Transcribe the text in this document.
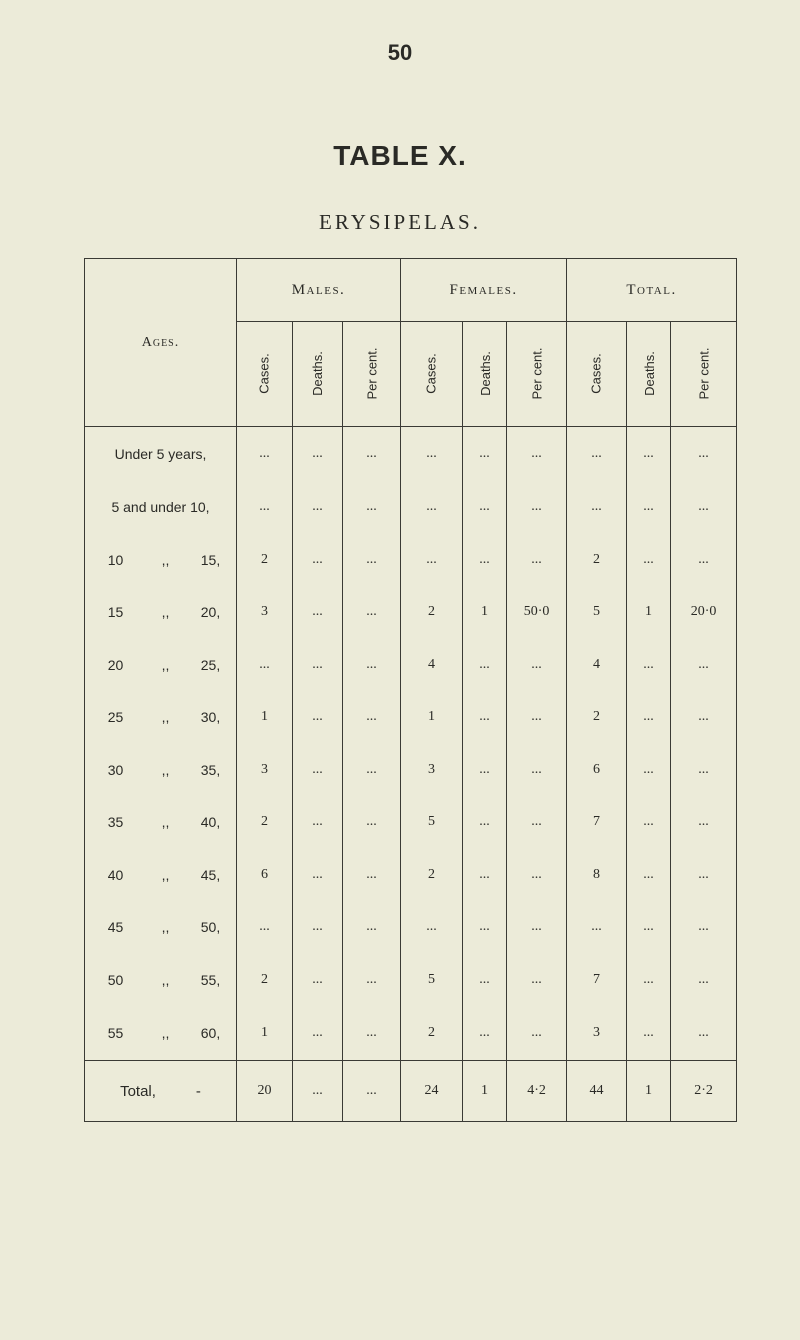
50
TABLE X.
ERYSIPELAS.
Ages.	Males.			Females.			Total.		
	Cases.	Deaths.	Per cent.	Cases.	Deaths.	Per cent.	Cases.	Deaths.	Per cent.
Under 5 years,	...	...	...	...	...	...	...	...	...
5 and under 10,	...	...	...	...	...	...	...	...	...
10 ,, 15,	2	...	...	...	...	...	2	...	...
15 ,, 20,	3	...	...	2	1	50·0	5	1	20·0
20 ,, 25,	...	...	...	4	...	...	4	...	...
25 ,, 30,	1	...	...	1	...	...	2	...	...
30 ,, 35,	3	...	...	3	...	...	6	...	...
35 ,, 40,	2	...	...	5	...	...	7	...	...
40 ,, 45,	6	...	...	2	...	...	8	...	...
45 ,, 50,	...	...	...	...	...	...	...	...	...
50 ,, 55,	2	...	...	5	...	...	7	...	...
55 ,, 60,	1	...	...	2	...	...	3	...	...
Total, -	20	...	...	24	1	4·2	44	1	2·2
